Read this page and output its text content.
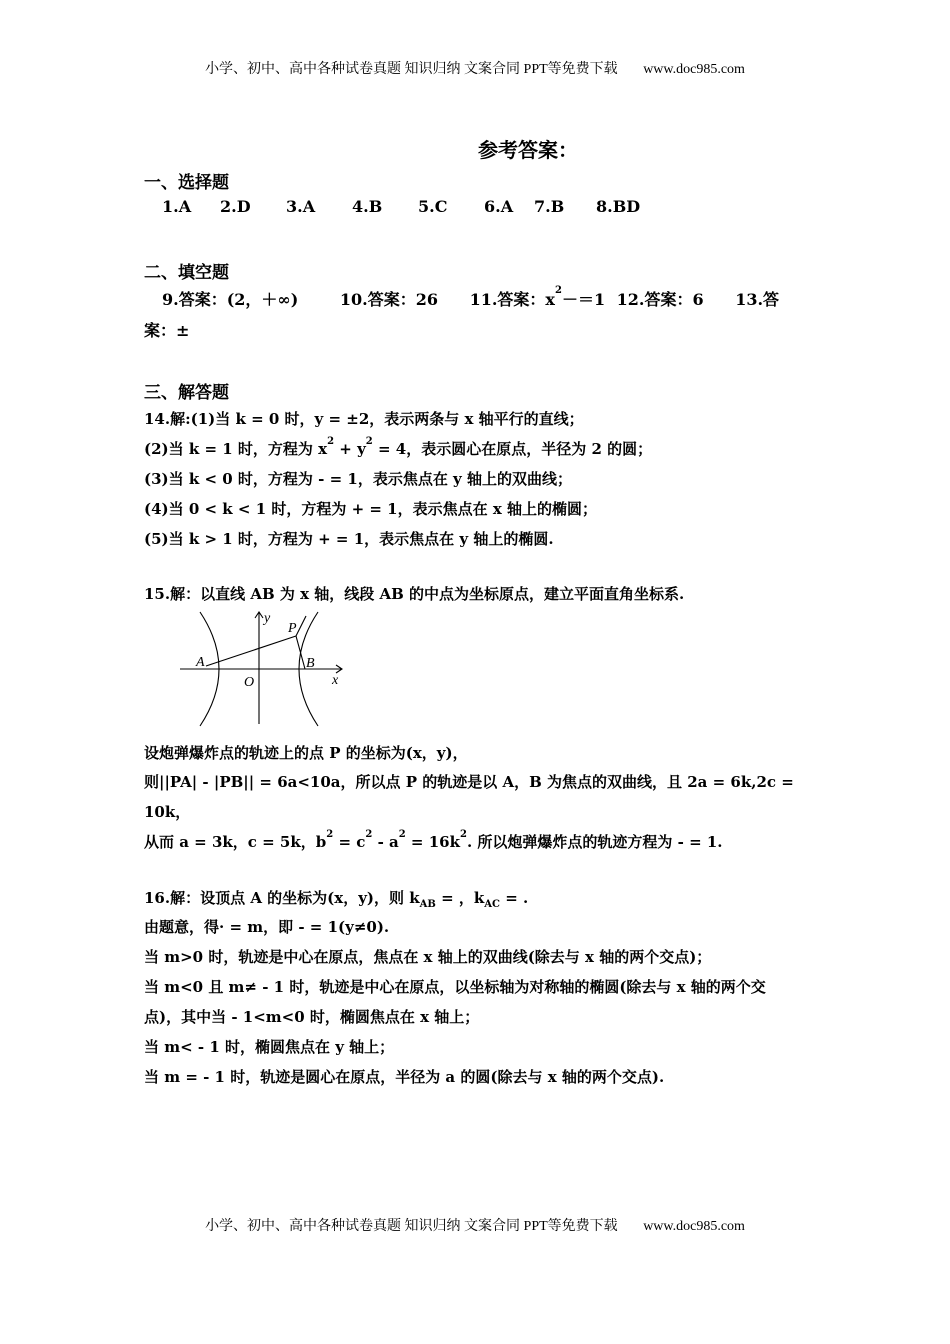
小学、初中、高中各种试卷真题 知识归纳 文案合同 PPT等免费下载 www.doc985.com
参考答案：
一、选择题
1.A 2.D 3.A 4.B 5.C 6.A 7.B 8.BD
二、填空题
9.答案：(2，＋∞)	10.答案：26 11.答案：$x^2-=1$ 12.答案：6 13.答
案：±
三、解答题
14.解:(1)当 k = 0 时，y = ±2，表示两条与 x 轴平行的直线；
(2)当 k = 1 时，方程为 $x^2 + y^2 = 4$，表示圆心在原点，半径为 2 的圆；
(3)当 k < 0 时，方程为 - = 1，表示焦点在 y 轴上的双曲线；
(4)当 0 < k < 1 时，方程为 + = 1，表示焦点在 x 轴上的椭圆；
(5)当 k > 1 时，方程为 + = 1，表示焦点在 y 轴上的椭圆.
15.解：以直线 AB 为 x 轴，线段 AB 的中点为坐标原点，建立平面直角坐标系.
y
P
A	B
O	x
设炮弹爆炸点的轨迹上的点 P 的坐标为(x，y)，
则||PA| - |PB|| = 6a<10a，所以点 P 的轨迹是以 A，B 为焦点的双曲线，且 2a = 6k,2c =
10k，
从而 a = 3k，c = 5k，$b^2 = c^2 - a^2 = 16k^2$. 所以炮弹爆炸点的轨迹方程为 - = 1.
16.解：设顶点 A 的坐标为(x，y)，则 $k_{AB}$ = ，$k_{AC}$ = .
由题意，得· = m，即 - = 1(y≠0).
当 m>0 时，轨迹是中心在原点，焦点在 x 轴上的双曲线(除去与 x 轴的两个交点)；
当 m<0 且 m≠ - 1 时，轨迹是中心在原点，以坐标轴为对称轴的椭圆(除去与 x 轴的两个交
点)，其中当 - 1<m<0 时，椭圆焦点在 x 轴上；
当 m< - 1 时，椭圆焦点在 y 轴上；
当 m = - 1 时，轨迹是圆心在原点，半径为 a 的圆(除去与 x 轴的两个交点).
小学、初中、高中各种试卷真题 知识归纳 文案合同 PPT等免费下载 www.doc985.com
